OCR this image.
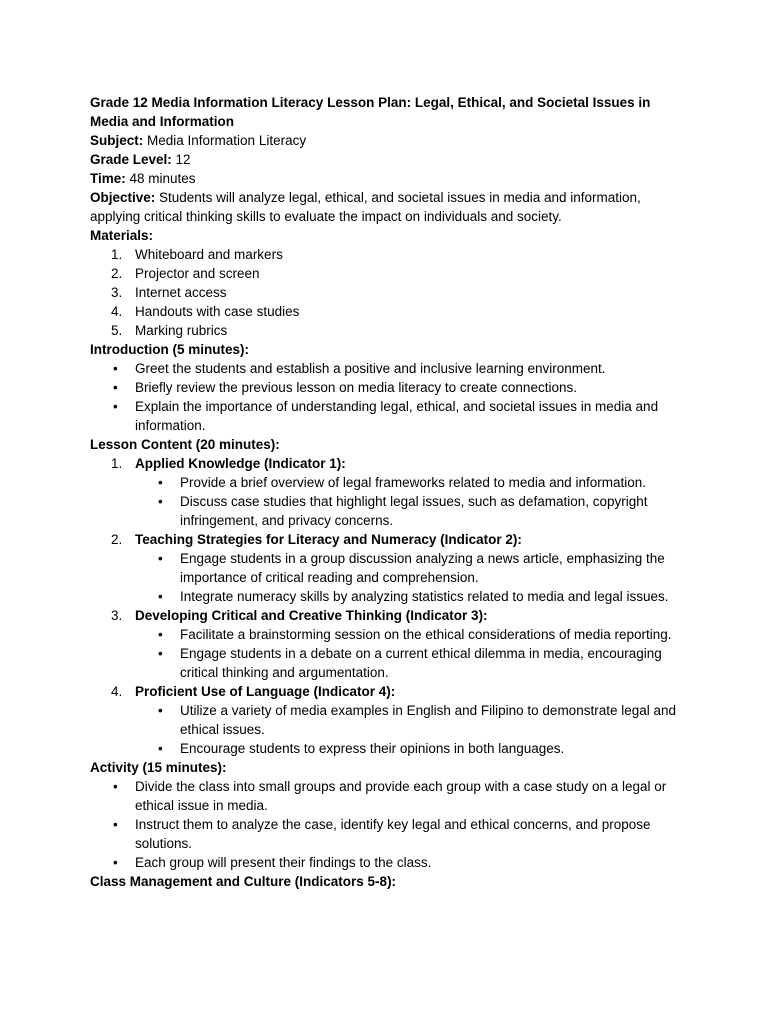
Grade 12 Media Information Literacy Lesson Plan: Legal, Ethical, and Societal Issues in Media and Information

Subject: Media Information Literacy

Grade Level: 12

Time: 48 minutes

Objective: Students will analyze legal, ethical, and societal issues in media and information, applying critical thinking skills to evaluate the impact on individuals and society.

Materials:

1. Whiteboard and markers
2. Projector and screen
3. Internet access
4. Handouts with case studies
5. Marking rubrics

Introduction (5 minutes):

• Greet the students and establish a positive and inclusive learning environment.
• Briefly review the previous lesson on media literacy to create connections.
• Explain the importance of understanding legal, ethical, and societal issues in media and information.

Lesson Content (20 minutes):

1. Applied Knowledge (Indicator 1):
• Provide a brief overview of legal frameworks related to media and information.
• Discuss case studies that highlight legal issues, such as defamation, copyright infringement, and privacy concerns.
2. Teaching Strategies for Literacy and Numeracy (Indicator 2):
• Engage students in a group discussion analyzing a news article, emphasizing the importance of critical reading and comprehension.
• Integrate numeracy skills by analyzing statistics related to media and legal issues.
3. Developing Critical and Creative Thinking (Indicator 3):
• Facilitate a brainstorming session on the ethical considerations of media reporting.
• Engage students in a debate on a current ethical dilemma in media, encouraging critical thinking and argumentation.
4. Proficient Use of Language (Indicator 4):
• Utilize a variety of media examples in English and Filipino to demonstrate legal and ethical issues.
• Encourage students to express their opinions in both languages.

Activity (15 minutes):

• Divide the class into small groups and provide each group with a case study on a legal or ethical issue in media.
• Instruct them to analyze the case, identify key legal and ethical concerns, and propose solutions.
• Each group will present their findings to the class.

Class Management and Culture (Indicators 5-8):
